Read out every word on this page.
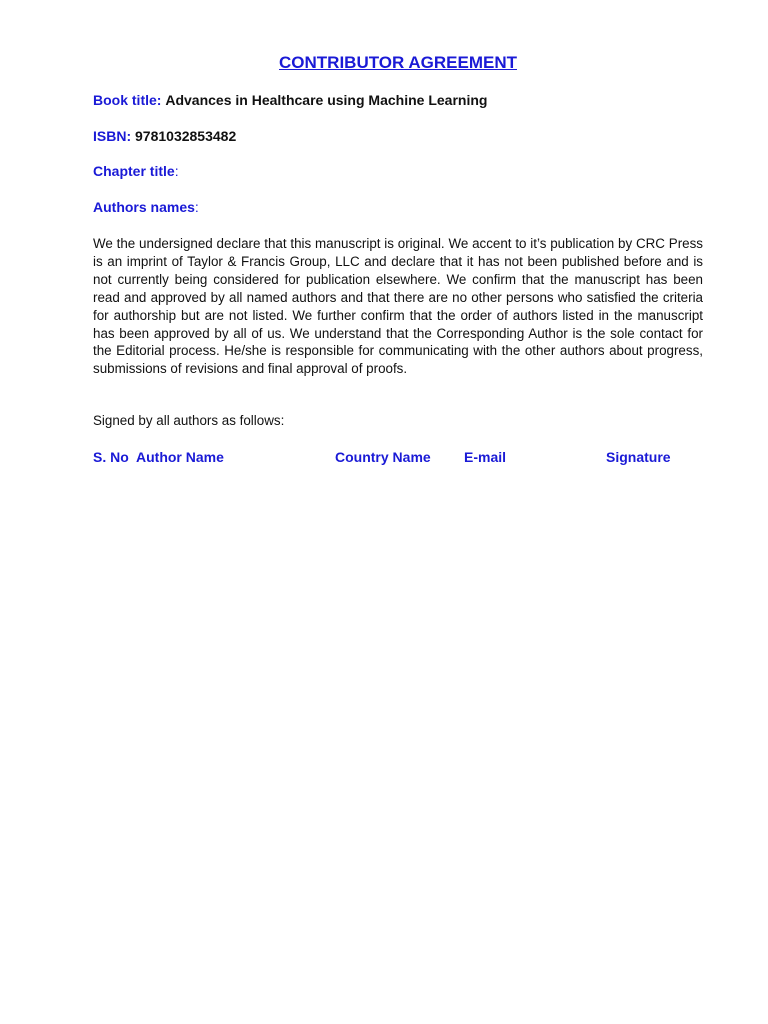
CONTRIBUTOR AGREEMENT
Book title: Advances in Healthcare using Machine Learning
ISBN: 9781032853482
Chapter title:
Authors names:
We the undersigned declare that this manuscript is original. We accent to it’s publication by CRC Press is an imprint of Taylor & Francis Group, LLC and declare that it has not been published before and is not currently being considered for publication elsewhere. We confirm that the manuscript has been read and approved by all named authors and that there are no other persons who satisfied the criteria for authorship but are not listed. We further confirm that the order of authors listed in the manuscript has been approved by all of us. We understand that the Corresponding Author is the sole contact for the Editorial process. He/she is responsible for communicating with the other authors about progress, submissions of revisions and final approval of proofs.
Signed by all authors as follows:
S. No Author Name	Country Name E-mail	Signature
